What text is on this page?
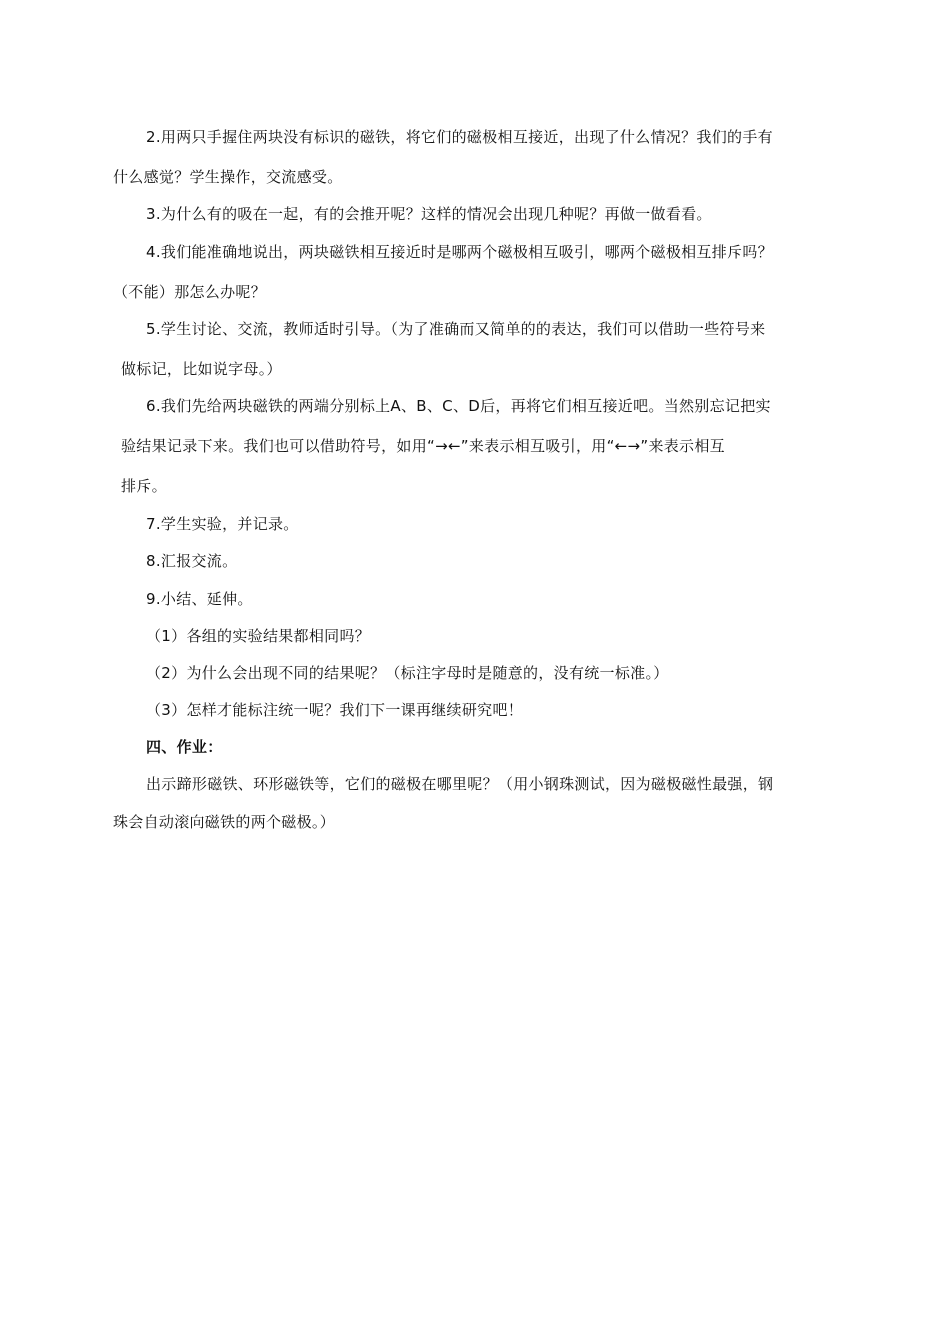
2.用两只手握住两块没有标识的磁铁，将它们的磁极相互接近，出现了什么情况？我们的手有
什么感觉？学生操作，交流感受。
3.为什么有的吸在一起，有的会推开呢？这样的情况会出现几种呢？再做一做看看。
4.我们能准确地说出，两块磁铁相互接近时是哪两个磁极相互吸引，哪两个磁极相互排斥吗？
（不能）那怎么办呢？
5.学生讨论、交流，教师适时引导。（为了准确而又简单的的表达，我们可以借助一些符号来
做标记，比如说字母。）
6.我们先给两块磁铁的两端分别标上A、B、C、D后，再将它们相互接近吧。当然别忘记把实
验结果记录下来。我们也可以借助符号，如用“→←”来表示相互吸引，用“←→”来表示相互
排斥。
7.学生实验，并记录。
8.汇报交流。
9.小结、延伸。
（1）各组的实验结果都相同吗？
（2）为什么会出现不同的结果呢？（标注字母时是随意的，没有统一标准。）
（3）怎样才能标注统一呢？我们下一课再继续研究吧！
四、作业：
出示蹄形磁铁、环形磁铁等，它们的磁极在哪里呢？（用小钢珠测试，因为磁极磁性最强，钢
珠会自动滚向磁铁的两个磁极。）
